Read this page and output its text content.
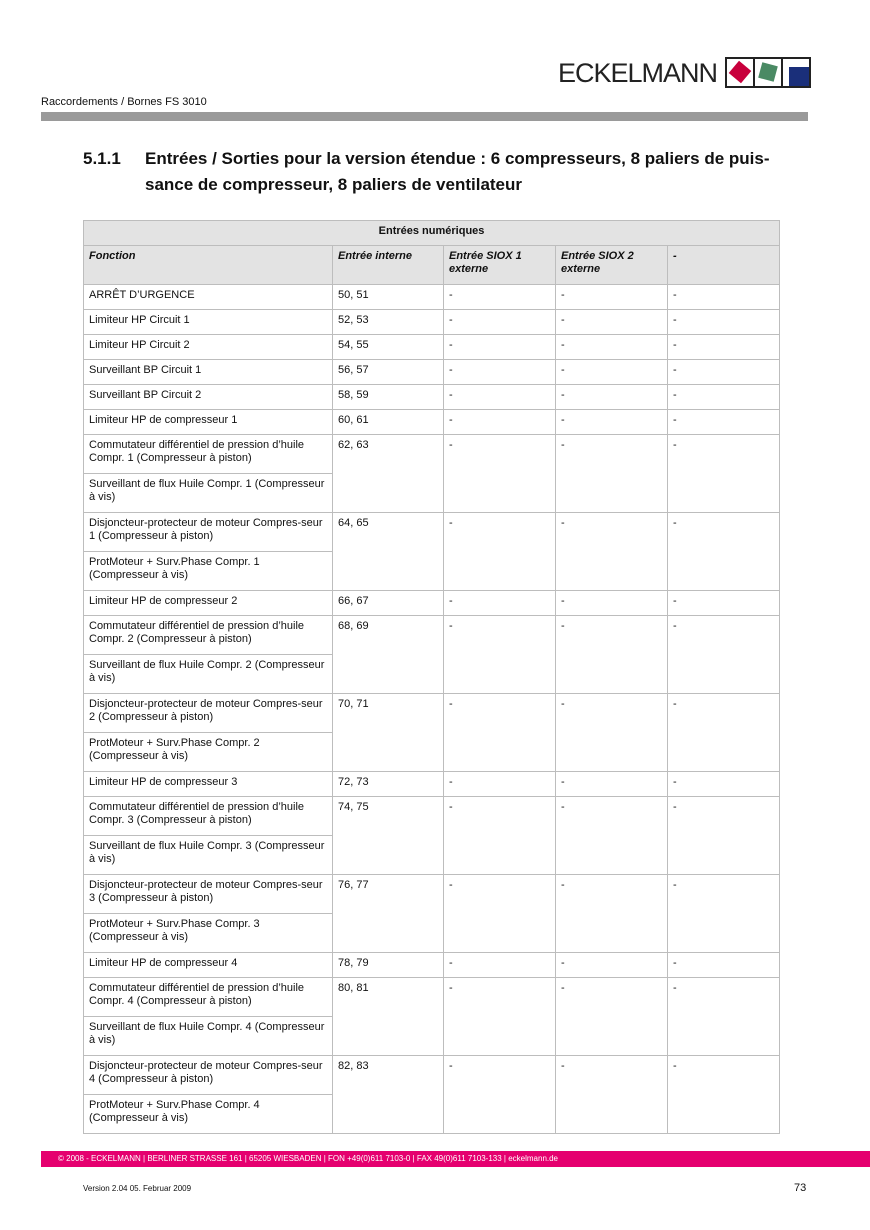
ECKELMANN
Raccordements / Bornes FS 3010
5.1.1 Entrées / Sorties pour la version étendue : 6 compresseurs, 8 paliers de puis-sance de compresseur, 8 paliers de ventilateur
Entrées numériques				
Fonction	Entrée interne	Entrée SIOX 1 externe	Entrée SIOX 2 externe	-
ARRÊT D’URGENCE	50, 51	-	-	-
Limiteur HP Circuit 1	52, 53	-	-	-
Limiteur HP Circuit 2	54, 55	-	-	-
Surveillant BP Circuit 1	56, 57	-	-	-
Surveillant BP Circuit 2	58, 59	-	-	-
Limiteur HP de compresseur 1	60, 61	-	-	-
Commutateur différentiel de pression d’huile Compr. 1 (Compresseur à piston)	62, 63	-	-	-
Surveillant de flux Huile Compr. 1 (Compresseur à vis)				
Disjoncteur-protecteur de moteur Compres-seur 1 (Compresseur à piston)	64, 65	-	-	-
ProtMoteur + Surv.Phase Compr. 1 (Compresseur à vis)				
Limiteur HP de compresseur 2	66, 67	-	-	-
Commutateur différentiel de pression d’huile Compr. 2 (Compresseur à piston)	68, 69	-	-	-
Surveillant de flux Huile Compr. 2 (Compresseur à vis)				
Disjoncteur-protecteur de moteur Compres-seur 2 (Compresseur à piston)	70, 71	-	-	-
ProtMoteur + Surv.Phase Compr. 2 (Compresseur à vis)				
Limiteur HP de compresseur 3	72, 73	-	-	-
Commutateur différentiel de pression d’huile Compr. 3 (Compresseur à piston)	74, 75	-	-	-
Surveillant de flux Huile Compr. 3 (Compresseur à vis)				
Disjoncteur-protecteur de moteur Compres-seur 3 (Compresseur à piston)	76, 77	-	-	-
ProtMoteur + Surv.Phase Compr. 3 (Compresseur à vis)				
Limiteur HP de compresseur 4	78, 79	-	-	-
Commutateur différentiel de pression d’huile Compr. 4 (Compresseur à piston)	80, 81	-	-	-
Surveillant de flux Huile Compr. 4 (Compresseur à vis)				
Disjoncteur-protecteur de moteur Compres-seur 4 (Compresseur à piston)	82, 83	-	-	-
ProtMoteur + Surv.Phase Compr. 4 (Compresseur à vis)				
© 2008 - ECKELMANN | BERLINER STRASSE 161 | 65205 WIESBADEN | FON +49(0)611 7103-0 | FAX 49(0)611 7103-133 | eckelmann.de
Version 2.04 05. Februar 2009	73
